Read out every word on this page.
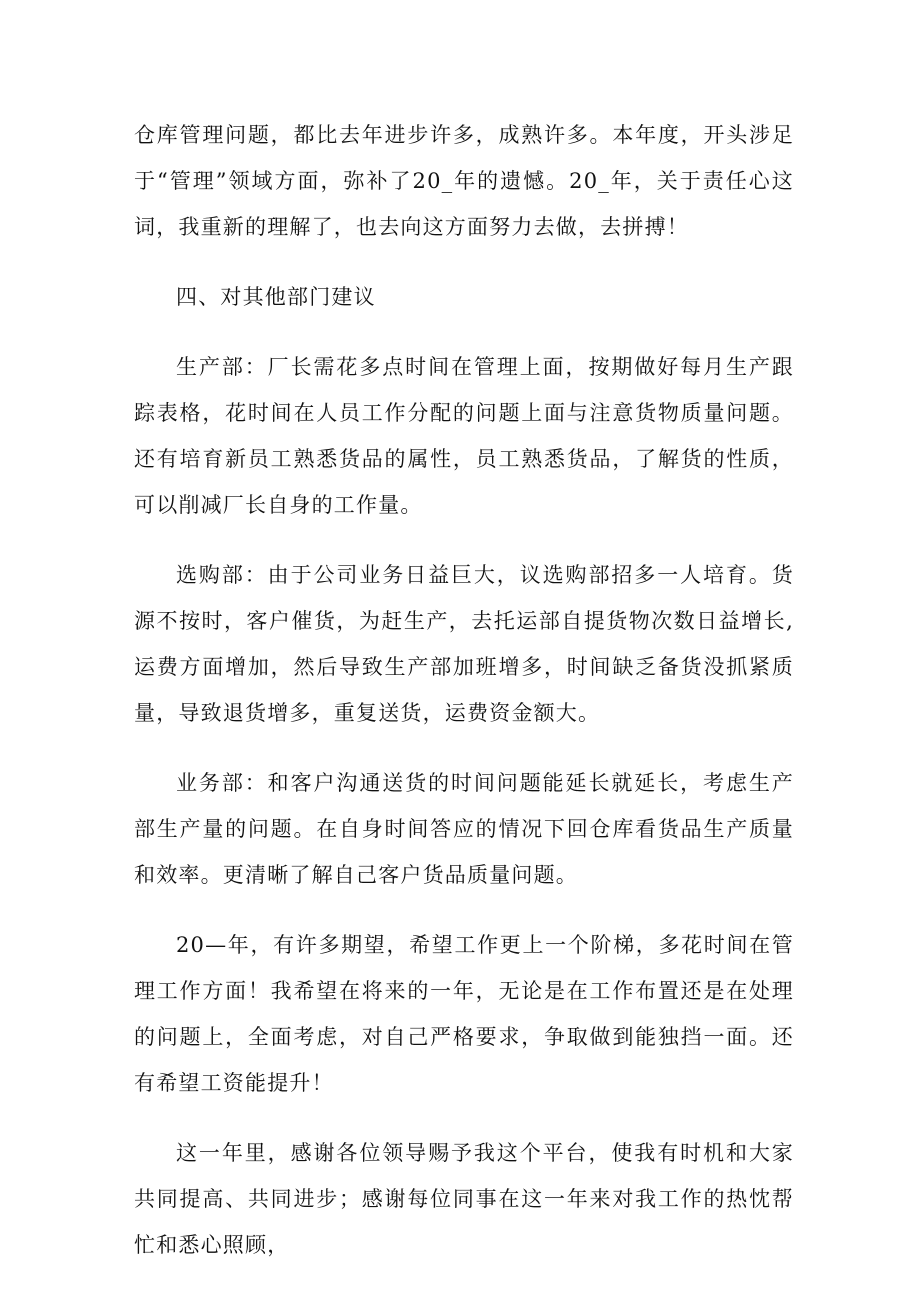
仓库管理问题，都比去年进步许多，成熟许多。本年度，开头涉足于“管理”领域方面，弥补了20_年的遗憾。20_年，关于责任心这词，我重新的理解了，也去向这方面努力去做，去拼搏！

四、对其他部门建议

生产部：厂长需花多点时间在管理上面，按期做好每月生产跟踪表格，花时间在人员工作分配的问题上面与注意货物质量问题。还有培育新员工熟悉货品的属性，员工熟悉货品，了解货的性质，可以削减厂长自身的工作量。

选购部：由于公司业务日益巨大，议选购部招多一人培育。货源不按时，客户催货，为赶生产，去托运部自提货物次数日益增长,运费方面增加，然后导致生产部加班增多，时间缺乏备货没抓紧质量，导致退货增多，重复送货，运费资金额大。

业务部：和客户沟通送货的时间问题能延长就延长，考虑生产部生产量的问题。在自身时间答应的情况下回仓库看货品生产质量和效率。更清晰了解自己客户货品质量问题。

20—年，有许多期望，希望工作更上一个阶梯，多花时间在管理工作方面！我希望在将来的一年，无论是在工作布置还是在处理的问题上，全面考虑，对自己严格要求，争取做到能独挡一面。还有希望工资能提升！

这一年里，感谢各位领导赐予我这个平台，使我有时机和大家共同提高、共同进步；感谢每位同事在这一年来对我工作的热忱帮忙和悉心照顾，
